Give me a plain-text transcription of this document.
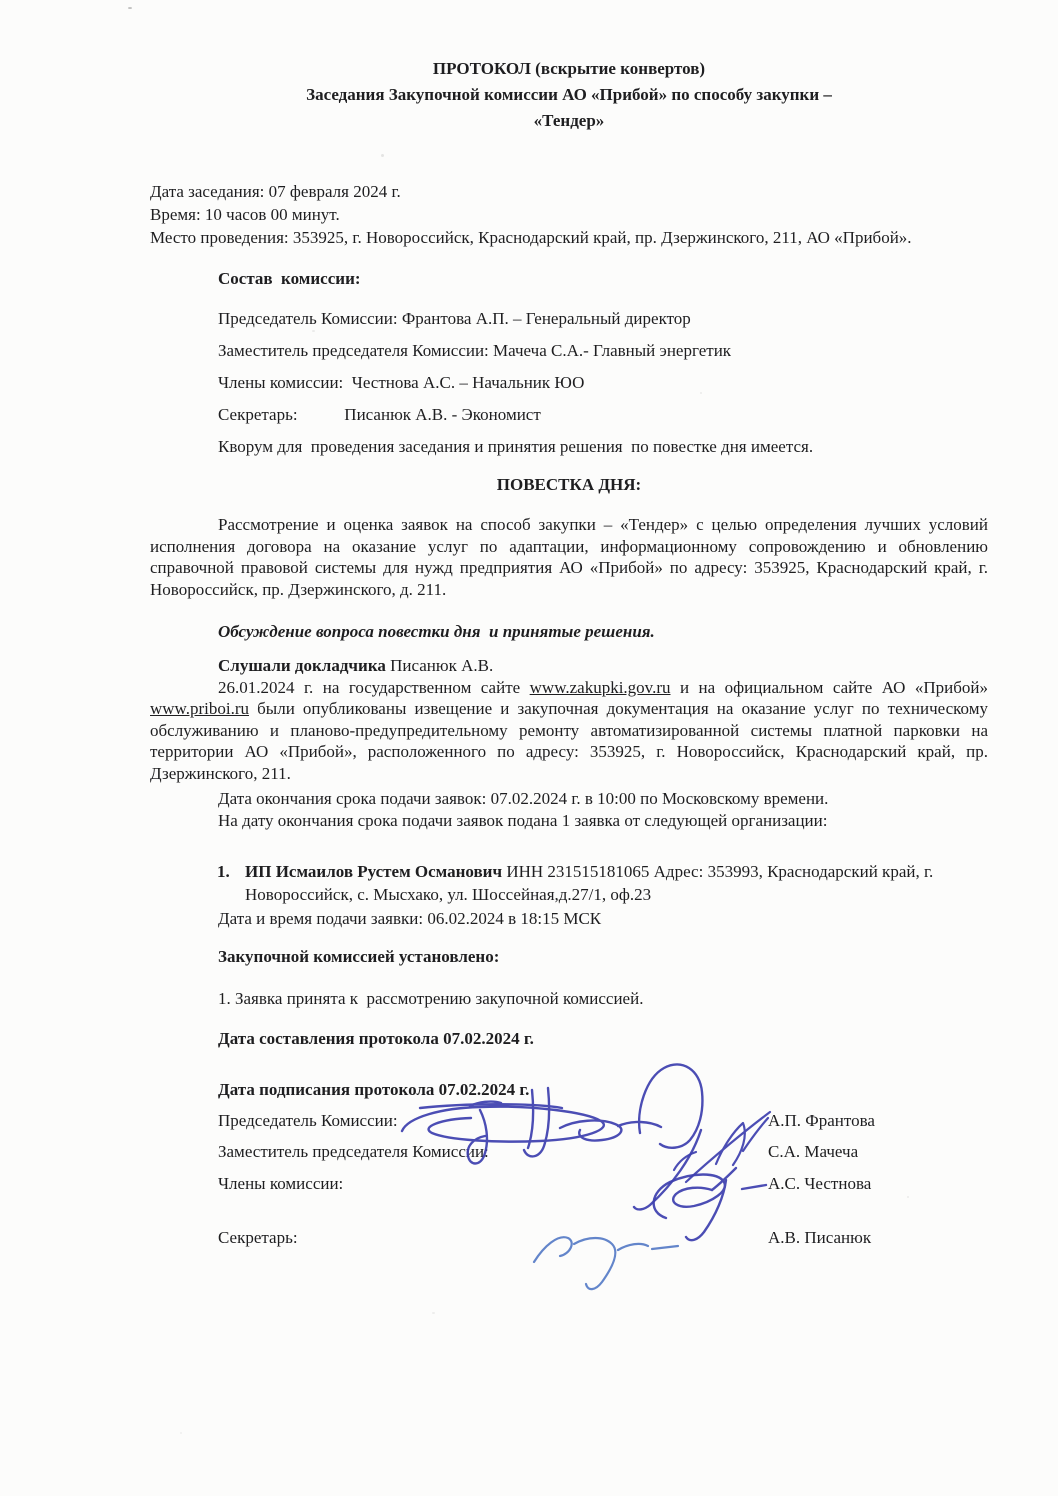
ПРОТОКОЛ (вскрытие конвертов)

Заседания Закупочной комиссии АО «Прибой» по способу закупки –

«Тендер»

Дата заседания: 07 февраля 2024 г.

Время: 10 часов 00 минут.

Место проведения: 353925, г. Новороссийск, Краснодарский край, пр. Дзержинского, 211, АО «Прибой».

Состав  комиссии:

Председатель Комиссии: Франтова А.П. – Генеральный директор

Заместитель председателя Комиссии: Мачеча С.А.- Главный энергетик

Члены комиссии:  Честнова А.С. – Начальник ЮО

Секретарь:           Писанюк А.В. - Экономист

Кворум для  проведения заседания и принятия решения  по повестке дня имеется.

ПОВЕСТКА ДНЯ:

Рассмотрение и оценка заявок на способ закупки – «Тендер» с целью определения лучших условий исполнения договора на оказание услуг по адаптации, информационному сопровождению и обновлению справочной правовой системы для нужд предприятия АО «Прибой» по адресу: 353925, Краснодарский край, г. Новороссийск, пр. Дзержинского, д. 211.

Обсуждение вопроса повестки дня  и принятые решения.

Слушали докладчика Писанюк А.В.

26.01.2024 г. на государственном сайте www.zakupki.gov.ru и на официальном сайте АО «Прибой» www.priboi.ru были опубликованы извещение и закупочная документация на оказание услуг по техническому обслуживанию и планово-предупредительному ремонту автоматизированной системы платной парковки на территории АО «Прибой», расположенного по адресу: 353925, г. Новороссийск, Краснодарский край, пр. Дзержинского, 211.

Дата окончания срока подачи заявок: 07.02.2024 г. в 10:00 по Московскому времени.

На дату окончания срока подачи заявок подана 1 заявка от следующей организации:

1. ИП Исмаилов Рустем Османович ИНН 231515181065 Адрес: 353993, Краснодарский край, г. Новороссийск, с. Мысхако, ул. Шоссейная,д.27/1, оф.23

Дата и время подачи заявки: 06.02.2024 в 18:15 МСК

Закупочной комиссией установлено:

1. Заявка принята к  рассмотрению закупочной комиссией.

Дата составления протокола 07.02.2024 г.

Дата подписания протокола 07.02.2024 г.

Председатель Комиссии:	А.П. Франтова

Заместитель председателя Комиссии:	С.А. Мачеча

Члены комиссии:	А.С. Честнова

Секретарь:	А.В. Писанюк
